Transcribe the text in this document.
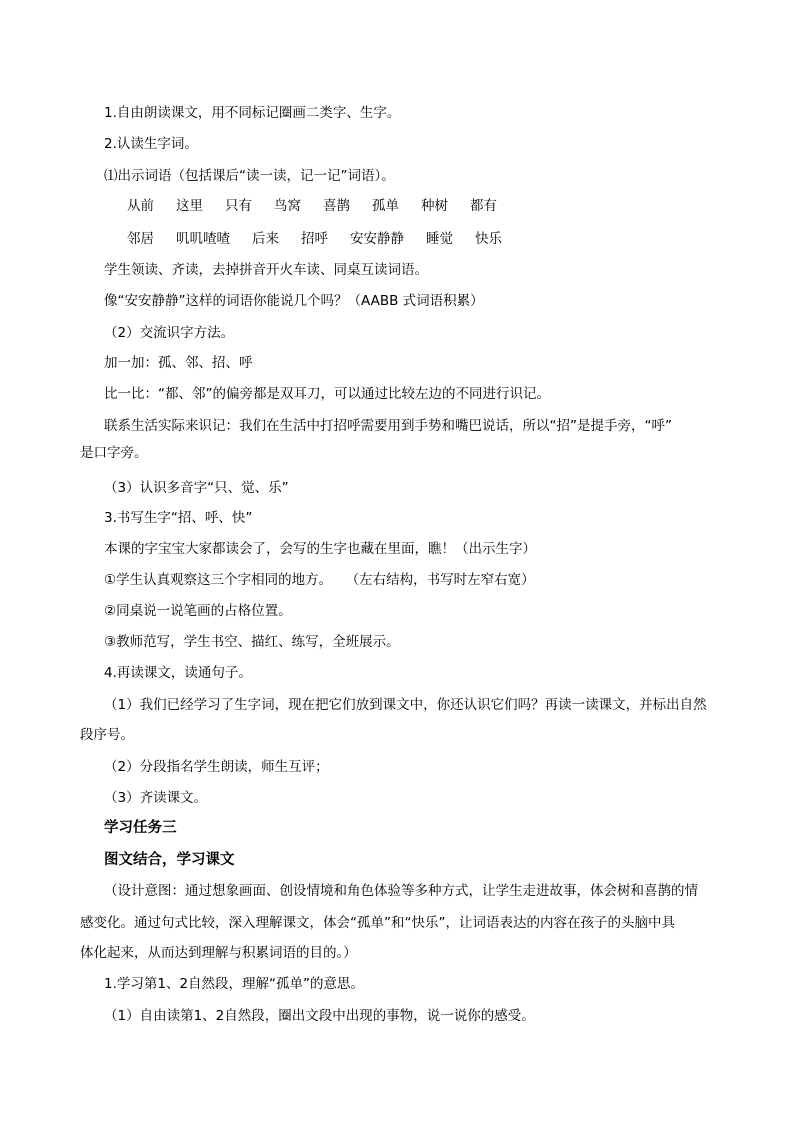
1.自由朗读课文，用不同标记圈画二类字、生字。
2.认读生字词。
⑴出示词语（包括课后“读一读，记一记”词语）。
从前 这里 只有 鸟窝 喜鹊 孤单 种树 都有
邻居 叽叽喳喳 后来 招呼 安安静静 睡觉 快乐
学生领读、齐读，去掉拼音开火车读、同桌互读词语。
像“安安静静”这样的词语你能说几个吗？（AABB 式词语积累）
（2）交流识字方法。
加一加：孤、邻、招、呼
比一比：“都、邻”的偏旁都是双耳刀，可以通过比较左边的不同进行识记。
联系生活实际来识记：我们在生活中打招呼需要用到手势和嘴巴说话，所以“招”是提手旁，“呼”
是口字旁。
（3）认识多音字“只、觉、乐”
3.书写生字“招、呼、快”
本课的字宝宝大家都读会了，会写的生字也藏在里面，瞧！（出示生字）
①学生认真观察这三个字相同的地方。　　（左右结构，书写时左窄右宽）
②同桌说一说笔画的占格位置。
③教师范写，学生书空、描红、练写，全班展示。
4.再读课文，读通句子。
（1）我们已经学习了生字词，现在把它们放到课文中，你还认识它们吗？再读一读课文，并标出自然
段序号。
（2）分段指名学生朗读，师生互评；
（3）齐读课文。
学习任务三
图文结合，学习课文
（设计意图：通过想象画面、创设情境和角色体验等多种方式，让学生走进故事，体会树和喜鹊的情
感变化。通过句式比较，深入理解课文，体会“孤单”和“快乐”，让词语表达的内容在孩子的头脑中具
体化起来，从而达到理解与积累词语的目的。）
1.学习第1、2自然段，理解“孤单”的意思。
（1）自由读第1、2自然段，圈出文段中出现的事物，说一说你的感受。
